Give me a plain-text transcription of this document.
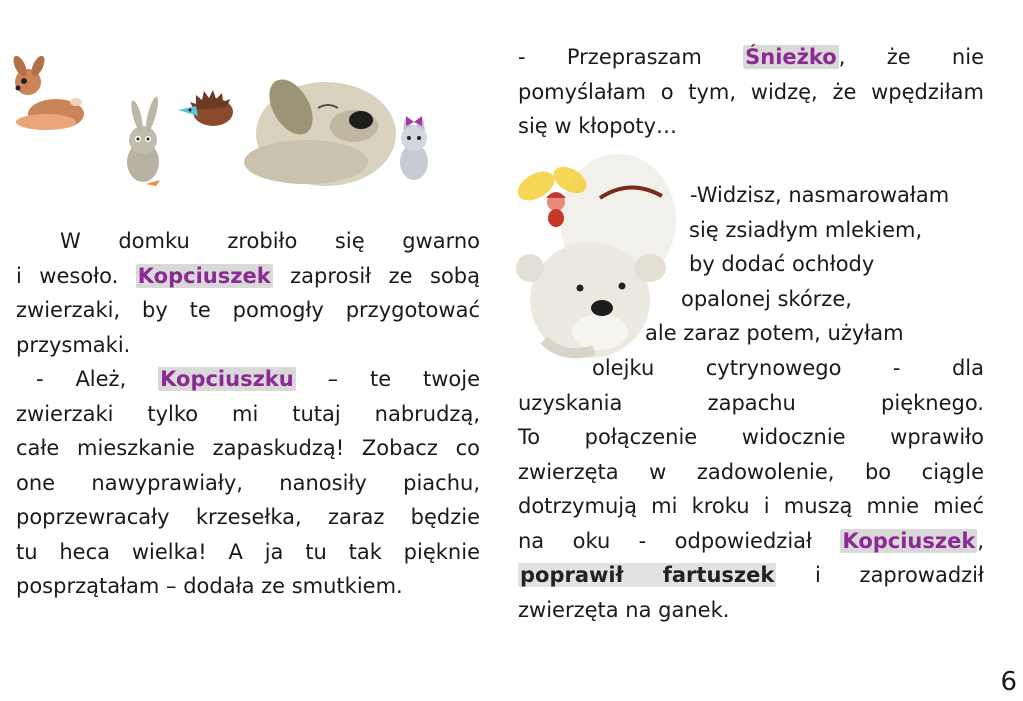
W domku zrobiło się gwarno
i wesoło. Kopciuszek zaprosił ze sobą
zwierzaki, by te pomogły przygotować
przysmaki.
- Ależ, Kopciuszku – te twoje
zwierzaki tylko mi tutaj nabrudzą,
całe mieszkanie zapaskudzą! Zobacz co
one nawyprawiały, nanosiły piachu,
poprzewracały krzesełka, zaraz będzie
tu heca wielka! A ja tu tak pięknie
posprzątałam – dodała ze smutkiem.
- Przepraszam Śnieżko, że nie
pomyślałam o tym, widzę, że wpędziłam
się w kłopoty…
-Widzisz, nasmarowałam
się zsiadłym mlekiem,
by dodać ochłody
opalonej skórze,
ale zaraz potem, użyłam
olejku cytrynowego - dla
uzyskania zapachu pięknego.
To połączenie widocznie wprawiło
zwierzęta w zadowolenie, bo ciągle
dotrzymują mi kroku i muszą mnie mieć
na oku - odpowiedział Kopciuszek,
poprawił fartuszek i zaprowadził
zwierzęta na ganek.
6
